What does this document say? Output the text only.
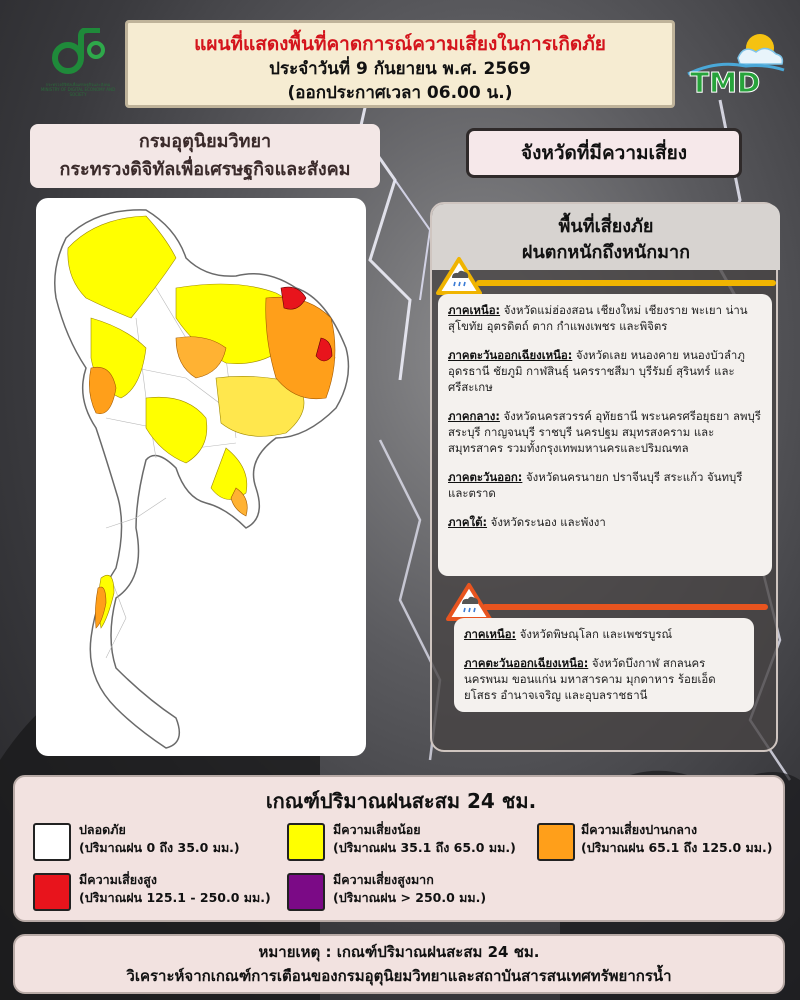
กระทรวงดิจิทัลเพื่อเศรษฐกิจและสังคม
MINISTRY OF DIGITAL ECONOMY AND SOCIETY
แผนที่แสดงพื้นที่คาดการณ์ความเสี่ยงในการเกิดภัย
ประจำวันที่ 9 กันยายน พ.ศ. 2569
(ออกประกาศเวลา 06.00 น.)	TMD
กรมอุตุนิยมวิทยา
กระทรวงดิจิทัลเพื่อเศรษฐกิจและสังคม
จังหวัดที่มีความเสี่ยง
พื้นที่เสี่ยงภัย
ฝนตกหนักถึงหนักมาก
ภาคเหนือ: จังหวัดแม่ฮ่องสอน เชียงใหม่ เชียงราย พะเยา น่าน สุโขทัย อุตรดิตถ์ ตาก กำแพงเพชร และพิจิตร
ภาคตะวันออกเฉียงเหนือ: จังหวัดเลย หนองคาย หนองบัวลำภู อุดรธานี ชัยภูมิ กาฬสินธุ์ นครราชสีมา บุรีรัมย์ สุรินทร์ และศรีสะเกษ
ภาคกลาง: จังหวัดนครสวรรค์ อุทัยธานี พระนครศรีอยุธยา ลพบุรี สระบุรี กาญจนบุรี ราชบุรี นครปฐม สมุทรสงคราม และสมุทรสาคร รวมทั้งกรุงเทพมหานครและปริมณฑล
ภาคตะวันออก: จังหวัดนครนายก ปราจีนบุรี สระแก้ว จันทบุรี และตราด
ภาคใต้: จังหวัดระนอง และพังงา
ภาคเหนือ: จังหวัดพิษณุโลก และเพชรบูรณ์
ภาคตะวันออกเฉียงเหนือ: จังหวัดบึงกาฬ สกลนคร นครพนม ขอนแก่น มหาสารคาม มุกดาหาร ร้อยเอ็ด ยโสธร อำนาจเจริญ และอุบลราชธานี
เกณฑ์ปริมาณฝนสะสม 24 ชม.
ปลอดภัย
(ปริมาณฝน 0 ถึง 35.0 มม.)
มีความเสี่ยงน้อย
(ปริมาณฝน 35.1 ถึง 65.0 มม.)
มีความเสี่ยงปานกลาง
(ปริมาณฝน 65.1 ถึง 125.0 มม.)
มีความเสี่ยงสูง
(ปริมาณฝน 125.1 - 250.0 มม.)
มีความเสี่ยงสูงมาก
(ปริมาณฝน > 250.0 มม.)
หมายเหตุ : เกณฑ์ปริมาณฝนสะสม 24 ชม.
วิเคราะห์จากเกณฑ์การเตือนของกรมอุตุนิยมวิทยาและสถาบันสารสนเทศทรัพยากรน้ำ
